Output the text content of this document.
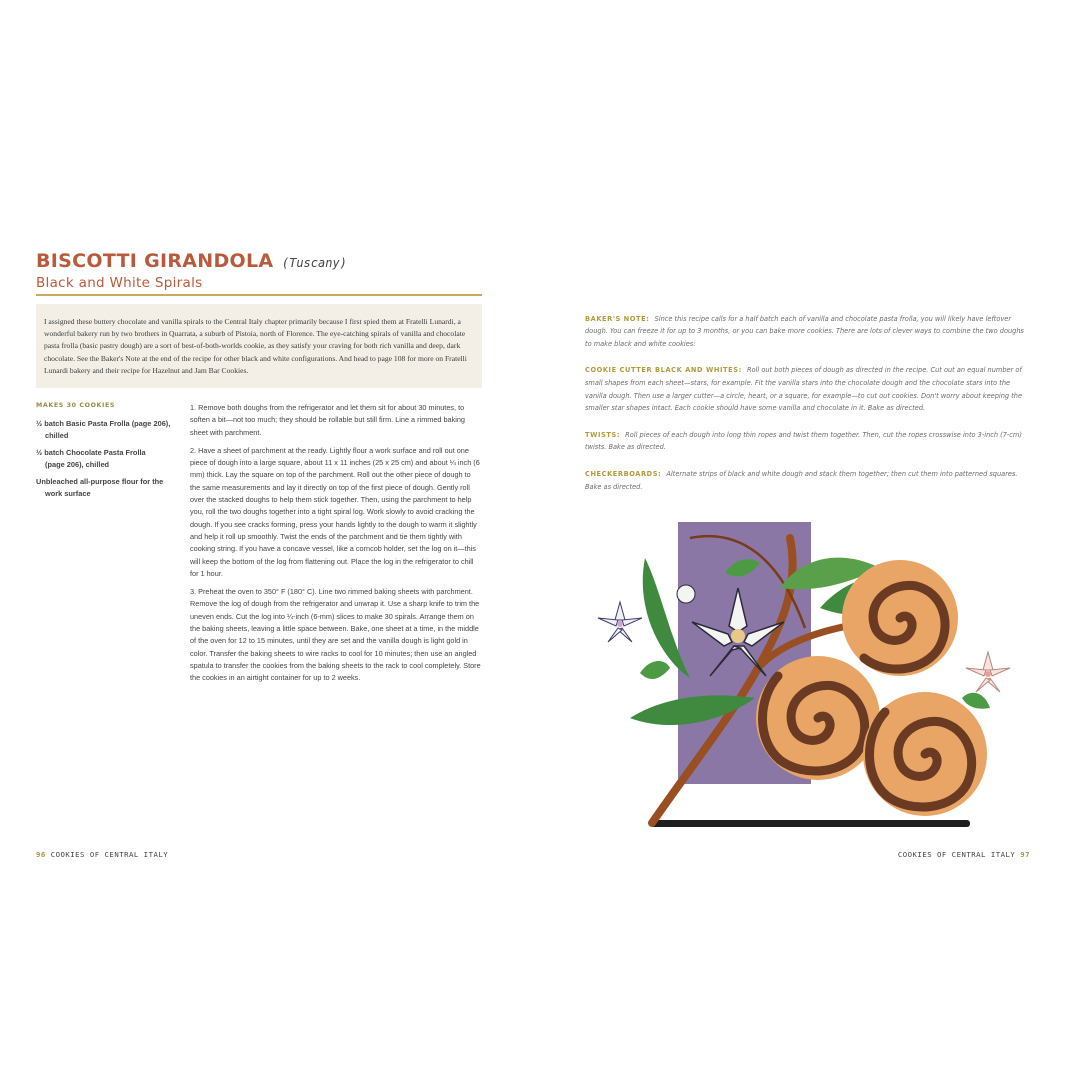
BISCOTTI GIRANDOLA (Tuscany)
Black and White Spirals
I assigned these buttery chocolate and vanilla spirals to the Central Italy chapter primarily because I first spied them at Fratelli Lunardi, a wonderful bakery run by two brothers in Quarrata, a suburb of Pistoia, north of Florence. The eye-catching spirals of vanilla and chocolate pasta frolla (basic pastry dough) are a sort of best-of-both-worlds cookie, as they satisfy your craving for both rich vanilla and deep, dark chocolate. See the Baker's Note at the end of the recipe for other black and white configurations. And head to page 108 for more on Fratelli Lunardi bakery and their recipe for Hazelnut and Jam Bar Cookies.
MAKES 30 COOKIES
½ batch Basic Pasta Frolla (page 206),
chilled
½ batch Chocolate Pasta Frolla
(page 206), chilled
Unbleached all-purpose flour for the
work surface

1. Remove both doughs from the refrigerator and let them sit for about 30 minutes, to soften a bit—not too much; they should be rollable but still firm. Line a rimmed baking sheet with parchment.

2. Have a sheet of parchment at the ready. Lightly flour a work surface and roll out one piece of dough into a large square, about 11 x 11 inches (25 x 25 cm) and about ¼ inch (6 mm) thick. Lay the square on top of the parchment. Roll out the other piece of dough to the same measurements and lay it directly on top of the first piece of dough. Gently roll over the stacked doughs to help them stick together. Then, using the parchment to help you, roll the two doughs together into a tight spiral log. Work slowly to avoid cracking the dough. If you see cracks forming, press your hands lightly to the dough to warm it slightly and help it roll up smoothly. Twist the ends of the parchment and tie them tightly with cooking string. If you have a concave vessel, like a corncob holder, set the log on it—this will keep the bottom of the log from flattening out. Place the log in the refrigerator to chill for 1 hour.

3. Preheat the oven to 350° F (180° C). Line two rimmed baking sheets with parchment. Remove the log of dough from the refrigerator and unwrap it. Use a sharp knife to trim the uneven ends. Cut the log into ¼-inch (6-mm) slices to make 30 spirals. Arrange them on the baking sheets, leaving a little space between. Bake, one sheet at a time, in the middle of the oven for 12 to 15 minutes, until they are set and the vanilla dough is light gold in color. Transfer the baking sheets to wire racks to cool for 10 minutes; then use an angled spatula to transfer the cookies from the baking sheets to the rack to cool completely. Store the cookies in an airtight container for up to 2 weeks.

96 COOKIES OF CENTRAL ITALY

BAKER'S NOTE: Since this recipe calls for a half batch each of vanilla and chocolate pasta frolla, you will likely have leftover dough. You can freeze it for up to 3 months, or you can bake more cookies. There are lots of clever ways to combine the two doughs to make black and white cookies:

COOKIE CUTTER BLACK AND WHITES: Roll out both pieces of dough as directed in the recipe. Cut out an equal number of small shapes from each sheet—stars, for example. Fit the vanilla stars into the chocolate dough and the chocolate stars into the vanilla dough. Then use a larger cutter—a circle, heart, or a square, for example—to cut out cookies. Don't worry about keeping the smaller star shapes intact. Each cookie should have some vanilla and chocolate in it. Bake as directed.

TWISTS: Roll pieces of each dough into long thin ropes and twist them together. Then, cut the ropes crosswise into 3-inch (7-cm) twists. Bake as directed.

CHECKERBOARDS: Alternate strips of black and white dough and stack them together; then cut them into patterned squares. Bake as directed.

COOKIES OF CENTRAL ITALY 97
